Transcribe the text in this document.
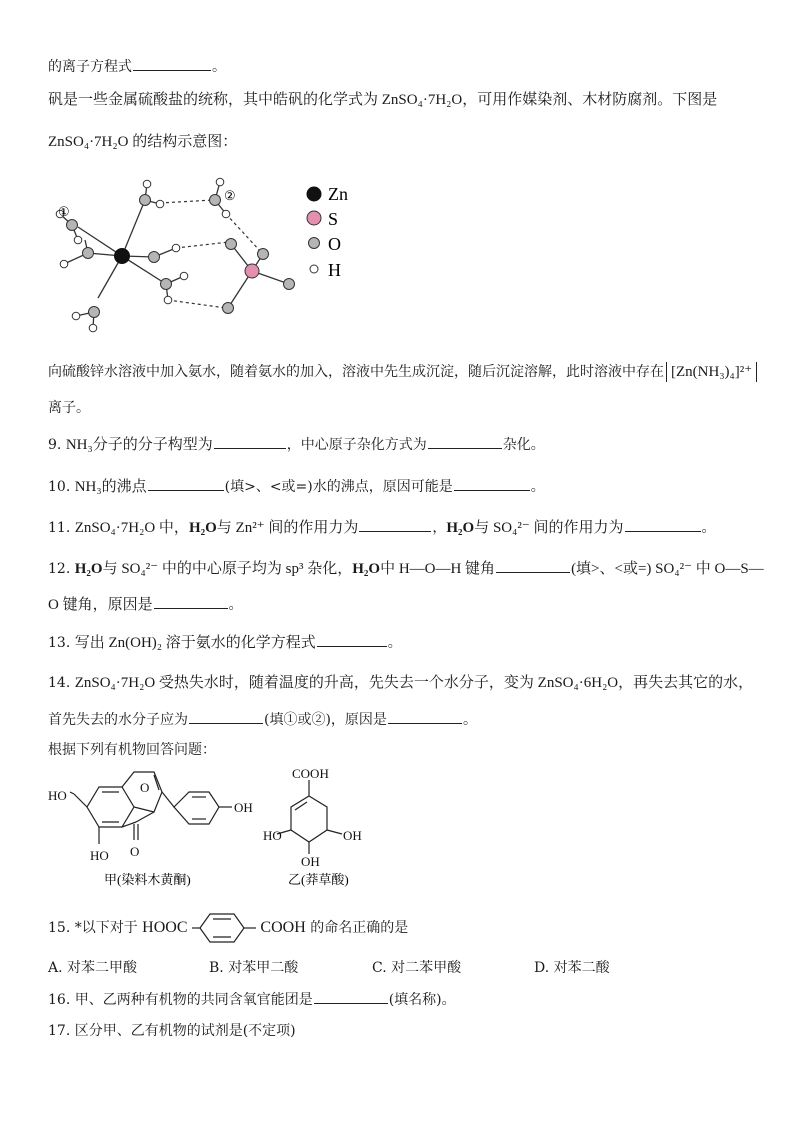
的离子方程式	。
矾是一些金属硫酸盐的统称，其中皓矾的化学式为 ZnSO₄·7H₂O，可用作媒染剂、木材防腐剂。下图是
ZnSO₄·7H₂O 的结构示意图：
①
②	Zn
S
O
H
向硫酸锌水溶液中加入氨水，随着氨水的加入，溶液中先生成沉淀，随后沉淀溶解，此时溶液中存在 [Zn(NH₃)₄]²⁺
离子。
9. NH₃分子的分子构型为	，中心原子杂化方式为	杂化。
10. NH₃的沸点	(填>、<或=)水的沸点，原因可能是	。
11. ZnSO₄·7H₂O 中，H₂O与 Zn²⁺ 间的作用力为	，H₂O与 SO₄²⁻ 间的作用力为	。
12. H₂O与 SO₄²⁻ 中的中心原子均为 sp³ 杂化，H₂O中 H—O—H 键角	(填>、<或=) SO₄²⁻ 中 O—S—
O 键角，原因是	。
13. 写出 Zn(OH)₂ 溶于氨水的化学方程式	。
14. ZnSO₄·7H₂O 受热失水时，随着温度的升高，先失去一个水分子，变为 ZnSO₄·6H₂O，再失去其它的水，
首先失去的水分子应为	(填①或②)，原因是	。
根据下列有机物回答问题：
HO
O
O
HO
OH
COOH
HO	OH
OH
甲(染料木黄酮)	乙(莽草酸)
15. *以下对于 HOOC	COOH 的命名正确的是
A. 对苯二甲酸	B. 对苯甲二酸	C. 对二苯甲酸	D. 对苯二酸
16. 甲、乙两种有机物的共同含氧官能团是	(填名称)。
17. 区分甲、乙有机物的试剂是(不定项)
